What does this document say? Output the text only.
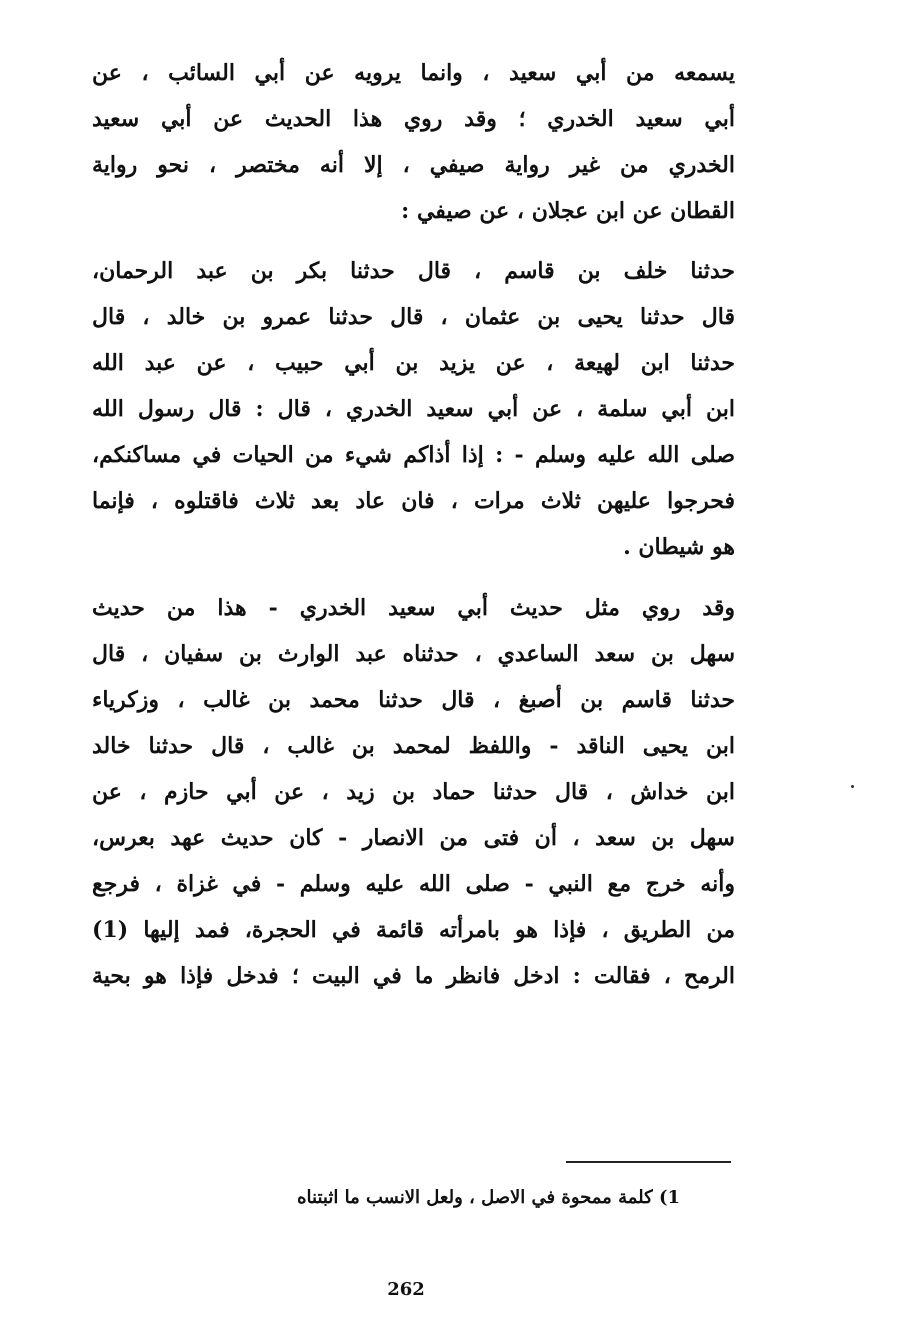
يسمعه من أبي سعيد ، وانما يرويه عن أبي السائب ، عن
أبي سعيد الخدري ؛ وقد روي هذا الحديث عن أبي سعيد
الخدري من غير رواية صيفي ، إلا أنه مختصر ، نحو رواية
القطان عن ابن عجلان ، عن صيفي :
حدثنا خلف بن قاسم ، قال حدثنا بكر بن عبد الرحمان،
قال حدثنا يحيى بن عثمان ، قال حدثنا عمرو بن خالد ، قال
حدثنا ابن لهيعة ، عن يزيد بن أبي حبيب ، عن عبد الله
ابن أبي سلمة ، عن أبي سعيد الخدري ، قال : قال رسول الله
صلى الله عليه وسلم - : إذا أذاكم شيء من الحيات في مساكنكم،
فحرجوا عليهن ثلاث مرات ، فان عاد بعد ثلاث فاقتلوه ، فإنما
هو شيطان .
وقد روي مثل حديث أبي سعيد الخدري - هذا من حديث
سهل بن سعد الساعدي ، حدثناه عبد الوارث بن سفيان ، قال
حدثنا قاسم بن أصبغ ، قال حدثنا محمد بن غالب ، وزكرياء
ابن يحيى الناقد - واللفظ لمحمد بن غالب ، قال حدثنا خالد
ابن خداش ، قال حدثنا حماد بن زيد ، عن أبي حازم ، عن
سهل بن سعد ، أن فتى من الانصار - كان حديث عهد بعرس،
وأنه خرج مع النبي - صلى الله عليه وسلم - في غزاة ، فرجع
من الطريق ، فإذا هو بامرأته قائمة في الحجرة، فمد إليها (1)
الرمح ، فقالت : ادخل فانظر ما في البيت ؛ فدخل فإذا هو بحية
1) كلمة ممحوة في الاصل ، ولعل الانسب ما اثبتناه
262
